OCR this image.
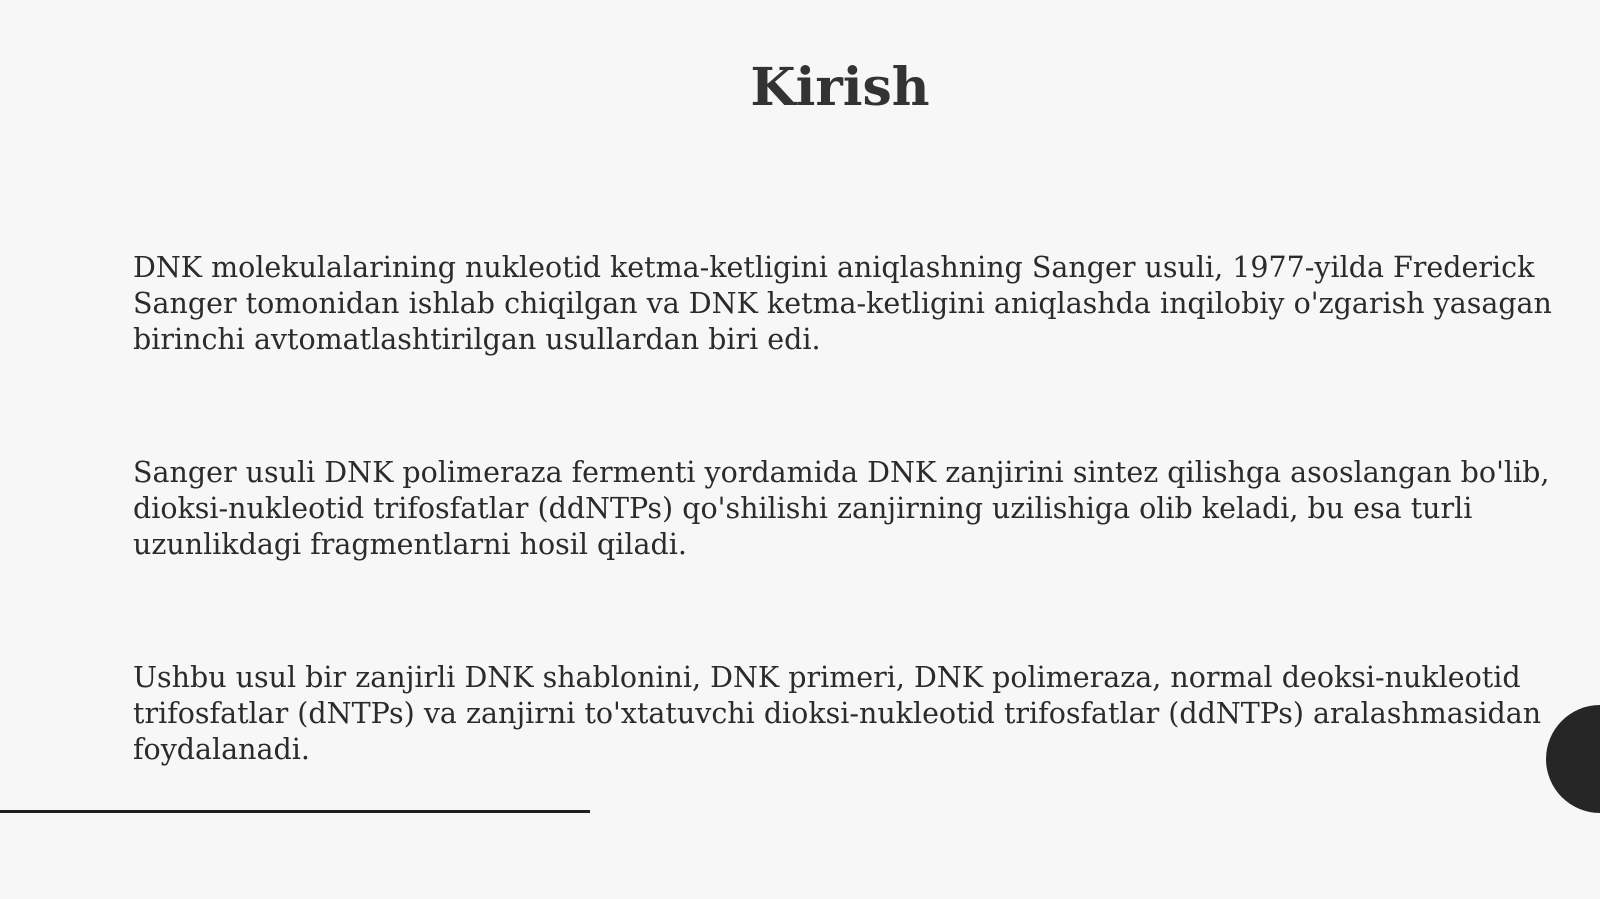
Kirish

DNK molekulalarining nukleotid ketma-ketligini aniqlashning Sanger usuli, 1977-yilda Frederick Sanger tomonidan ishlab chiqilgan va DNK ketma-ketligini aniqlashda inqilobiy o'zgarish yasagan birinchi avtomatlashtirilgan usullardan biri edi.

Sanger usuli DNK polimeraza fermenti yordamida DNK zanjirini sintez qilishga asoslangan bo'lib, dioksi-nukleotid trifosfatlar (ddNTPs) qo'shilishi zanjirning uzilishiga olib keladi, bu esa turli uzunlikdagi fragmentlarni hosil qiladi.

Ushbu usul bir zanjirli DNK shablonini, DNK primeri, DNK polimeraza, normal deoksi-nukleotid trifosfatlar (dNTPs) va zanjirni to'xtatuvchi dioksi-nukleotid trifosfatlar (ddNTPs) aralashmasidan foydalanadi.
